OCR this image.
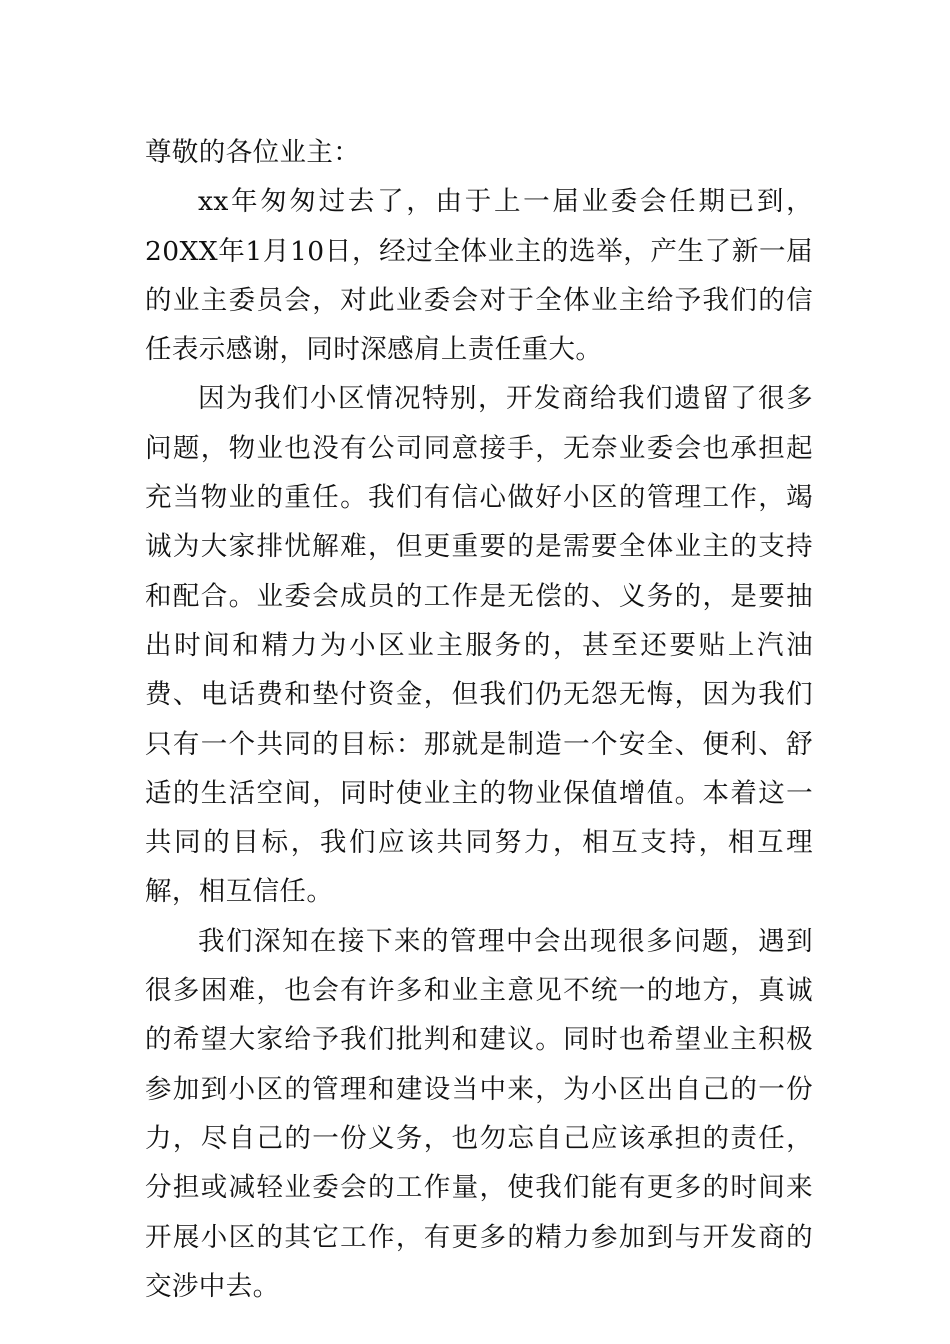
尊敬的各位业主：

xx年匆匆过去了，由于上一届业委会任期已到，20XX年1月10日，经过全体业主的选举，产生了新一届的业主委员会，对此业委会对于全体业主给予我们的信任表示感谢，同时深感肩上责任重大。

因为我们小区情况特别，开发商给我们遗留了很多问题，物业也没有公司同意接手，无奈业委会也承担起充当物业的重任。我们有信心做好小区的管理工作，竭诚为大家排忧解难，但更重要的是需要全体业主的支持和配合。业委会成员的工作是无偿的、义务的，是要抽出时间和精力为小区业主服务的，甚至还要贴上汽油费、电话费和垫付资金，但我们仍无怨无悔，因为我们只有一个共同的目标：那就是制造一个安全、便利、舒适的生活空间，同时使业主的物业保值增值。本着这一共同的目标，我们应该共同努力，相互支持，相互理解，相互信任。

我们深知在接下来的管理中会出现很多问题，遇到很多困难，也会有许多和业主意见不统一的地方，真诚的希望大家给予我们批判和建议。同时也希望业主积极参加到小区的管理和建设当中来，为小区出自己的一份力，尽自己的一份义务，也勿忘自己应该承担的责任，分担或减轻业委会的工作量，使我们能有更多的时间来开展小区的其它工作，有更多的精力参加到与开发商的交涉中去。
